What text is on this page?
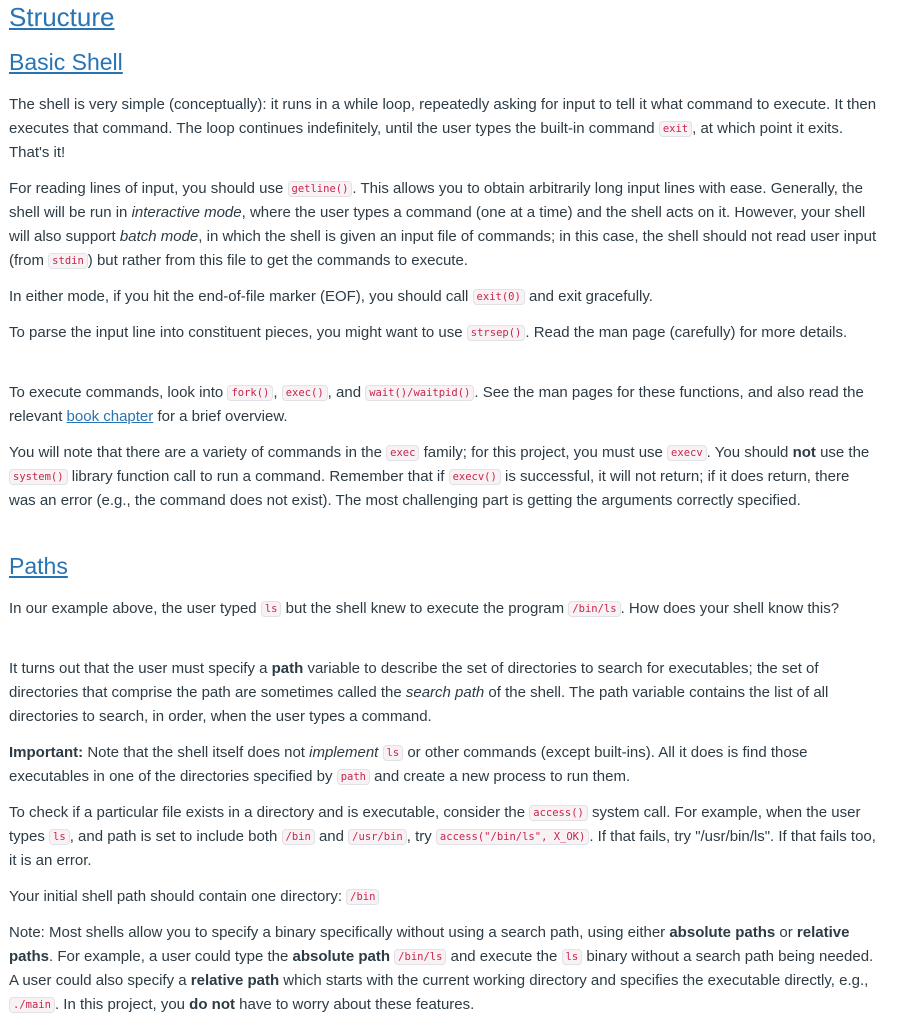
Structure
Basic Shell

The shell is very simple (conceptually): it runs in a while loop, repeatedly asking for input to tell it what command to execute. It then executes that command. The loop continues indefinitely, until the user types the built-in command exit , at which point it exits. That's it!

For reading lines of input, you should use getline() . This allows you to obtain arbitrarily long input lines with ease. Generally, the shell will be run in interactive mode, where the user types a command (one at a time) and the shell acts on it. However, your shell will also support batch mode, in which the shell is given an input file of commands; in this case, the shell should not read user input (from stdin ) but rather from this file to get the commands to execute.

In either mode, if you hit the end-of-file marker (EOF), you should call exit(0) and exit gracefully.

To parse the input line into constituent pieces, you might want to use strsep() . Read the man page (carefully) for more details.

To execute commands, look into fork() , exec() , and wait()/waitpid() . See the man pages for these functions, and also read the relevant book chapter for a brief overview.

You will note that there are a variety of commands in the exec family; for this project, you must use execv . You should not use the system() library function call to run a command. Remember that if execv() is successful, it will not return; if it does return, there was an error (e.g., the command does not exist). The most challenging part is getting the arguments correctly specified.

Paths

In our example above, the user typed ls but the shell knew to execute the program /bin/ls . How does your shell know this?

It turns out that the user must specify a path variable to describe the set of directories to search for executables; the set of directories that comprise the path are sometimes called the search path of the shell. The path variable contains the list of all directories to search, in order, when the user types a command.

Important: Note that the shell itself does not implement ls or other commands (except built-ins). All it does is find those executables in one of the directories specified by path and create a new process to run them.

To check if a particular file exists in a directory and is executable, consider the access() system call. For example, when the user types ls , and path is set to include both /bin and /usr/bin , try access("/bin/ls", X_OK) . If that fails, try "/usr/bin/ls". If that fails too, it is an error.

Your initial shell path should contain one directory: /bin

Note: Most shells allow you to specify a binary specifically without using a search path, using either absolute paths or relative paths. For example, a user could type the absolute path /bin/ls and execute the ls binary without a search path being needed. A user could also specify a relative path which starts with the current working directory and specifies the executable directly, e.g., ./main . In this project, you do not have to worry about these features.
